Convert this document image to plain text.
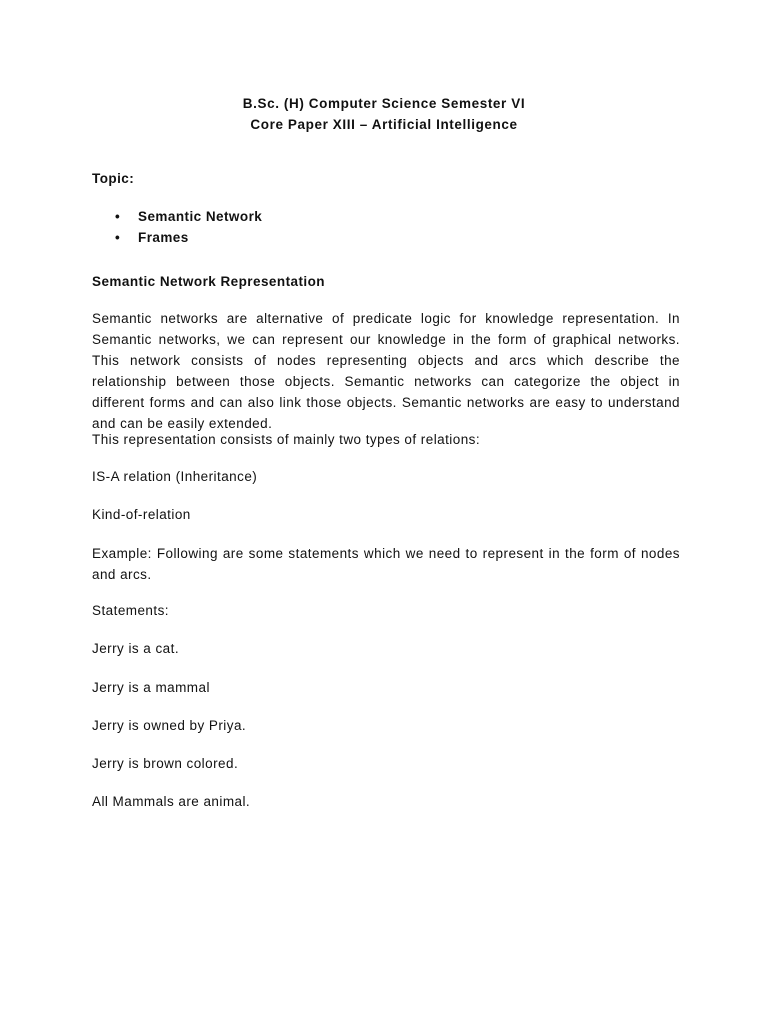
B.Sc. (H) Computer Science Semester VI
Core Paper XIII – Artificial Intelligence
Topic:
• Semantic Network
• Frames
Semantic Network Representation
Semantic networks are alternative of predicate logic for knowledge representation. In Semantic networks, we can represent our knowledge in the form of graphical networks. This network consists of nodes representing objects and arcs which describe the relationship between those objects. Semantic networks can categorize the object in different forms and can also link those objects. Semantic networks are easy to understand and can be easily extended.
This representation consists of mainly two types of relations:
IS-A relation (Inheritance)
Kind-of-relation
Example: Following are some statements which we need to represent in the form of nodes and arcs.
Statements:
Jerry is a cat.
Jerry is a mammal
Jerry is owned by Priya.
Jerry is brown colored.
All Mammals are animal.
